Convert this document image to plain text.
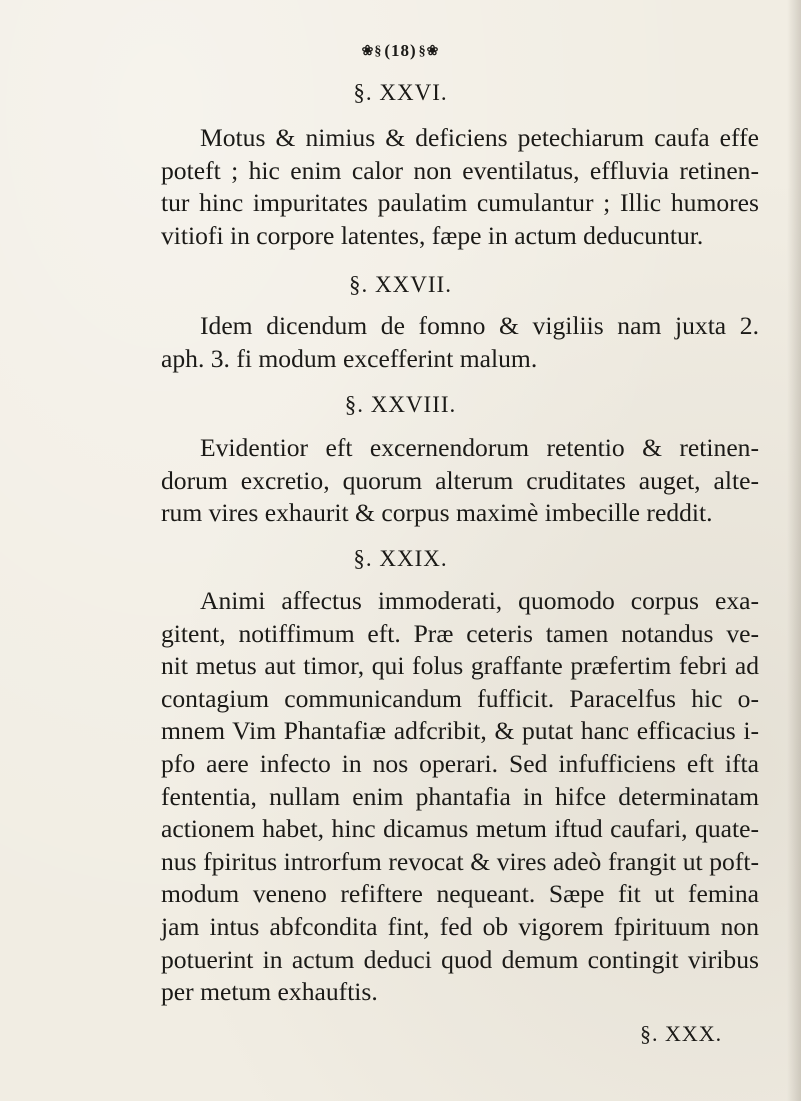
❀§ (18) §❀
§. XXVI.
Motus & nimius & deficiens petechiarum caufa effe
poteft ; hic enim calor non eventilatus, effluvia retinen-
tur hinc impuritates paulatim cumulantur ; Illic humores
vitiofi in corpore latentes, fæpe in actum deducuntur.
§. XXVII.
Idem dicendum de fomno & vigiliis nam juxta 2.
aph. 3. fi modum excefferint malum.
§. XXVIII.
Evidentior eft excernendorum retentio & retinen-
dorum excretio, quorum alterum cruditates auget, alte-
rum vires exhaurit & corpus maximè imbecille reddit.
§. XXIX.
Animi affectus immoderati, quomodo corpus exa-
gitent, notiffimum eft. Præ ceteris tamen notandus ve-
nit metus aut timor, qui folus graffante præfertim febri ad
contagium communicandum fufficit. Paracelfus hic o-
mnem Vim Phantafiæ adfcribit, & putat hanc efficacius i-
pfo aere infecto in nos operari. Sed infufficiens eft ifta
fententia, nullam enim phantafia in hifce determinatam
actionem habet, hinc dicamus metum iftud caufari, quate-
nus fpiritus introrfum revocat & vires adeò frangit ut poft-
modum veneno refiftere nequeant. Sæpe fit ut femina
jam intus abfcondita fint, fed ob vigorem fpirituum non
potuerint in actum deduci quod demum contingit viribus
per metum exhauftis.
§. XXX.
